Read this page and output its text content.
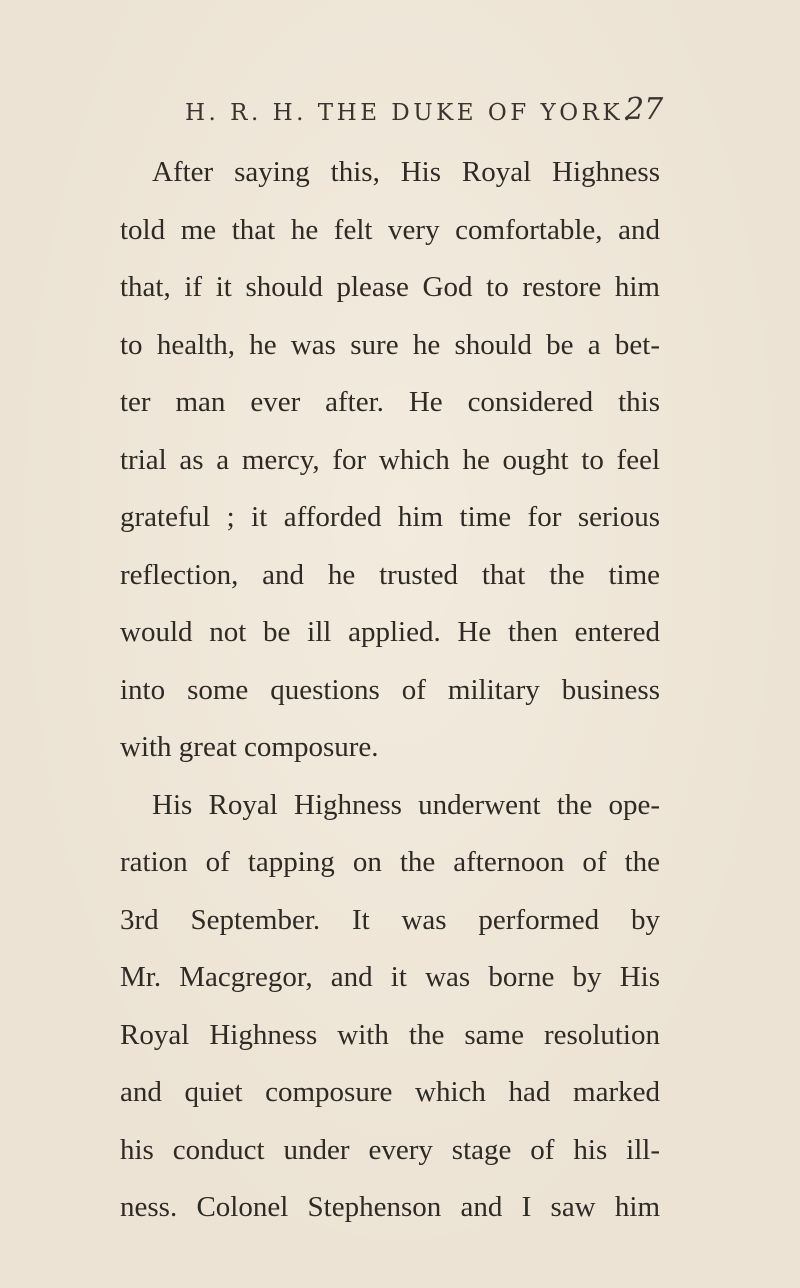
H. R. H. THE DUKE OF YORK.
27
After saying this, His Royal Highness
told me that he felt very comfortable, and
that, if it should please God to restore him
to health, he was sure he should be a bet-
ter man ever after. He considered this
trial as a mercy, for which he ought to feel
grateful ; it afforded him time for serious
reflection, and he trusted that the time
would not be ill applied. He then entered
into some questions of military business
with great composure.
His Royal Highness underwent the ope-
ration of tapping on the afternoon of the
3rd September. It was performed by
Mr. Macgregor, and it was borne by His
Royal Highness with the same resolution
and quiet composure which had marked
his conduct under every stage of his ill-
ness. Colonel Stephenson and I saw him
